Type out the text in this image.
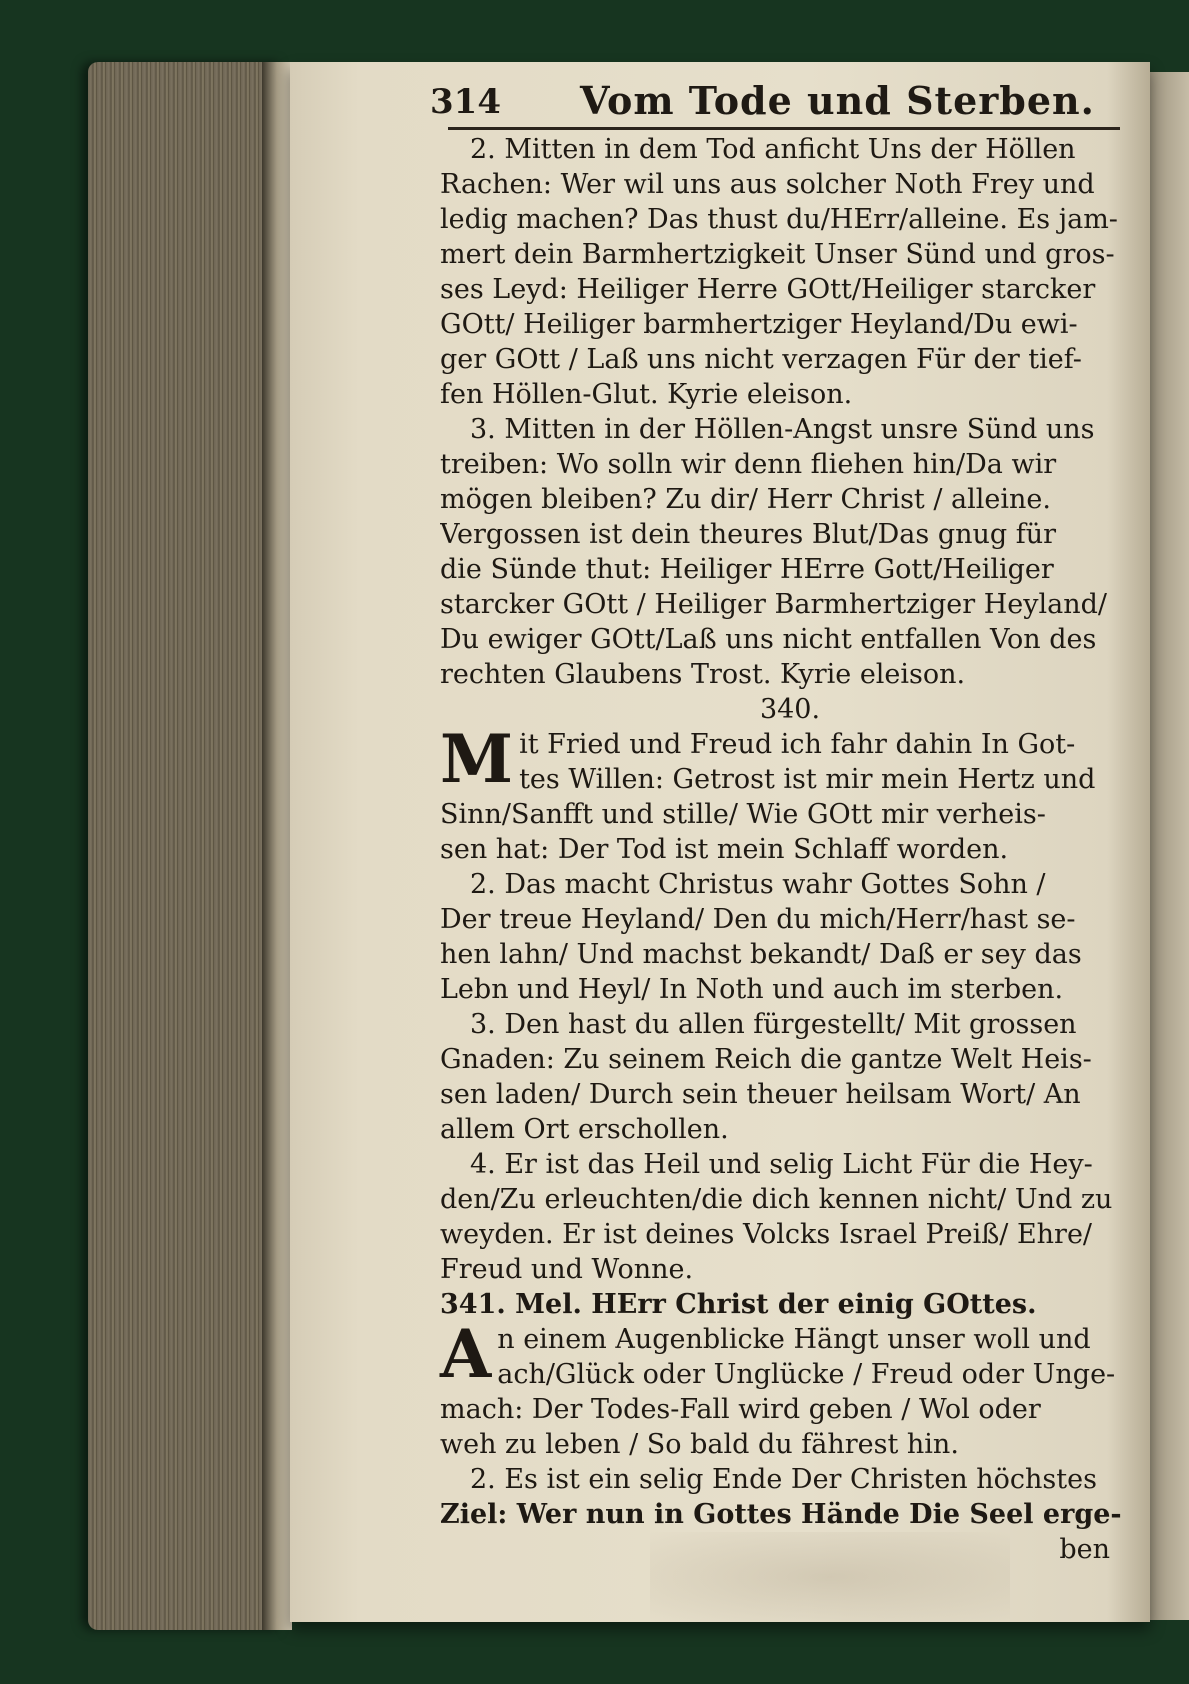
314 Vom Tode und Sterben.
2. Mitten in dem Tod anficht Uns der Höllen
Rachen: Wer wil uns aus solcher Noth Frey und
ledig machen? Das thust du/HErr/alleine. Es jam-
mert dein Barmhertzigkeit Unser Sünd und gros-
ses Leyd: Heiliger Herre GOtt/Heiliger starcker
GOtt/ Heiliger barmhertziger Heyland/Du ewi-
ger GOtt / Laß uns nicht verzagen Für der tief-
fen Höllen-Glut. Kyrie eleison.
3. Mitten in der Höllen-Angst unsre Sünd uns
treiben: Wo solln wir denn fliehen hin/Da wir
mögen bleiben? Zu dir/ Herr Christ / alleine.
Vergossen ist dein theures Blut/Das gnug für
die Sünde thut: Heiliger HErre Gott/Heiliger
starcker GOtt / Heiliger Barmhertziger Heyland/
Du ewiger GOtt/Laß uns nicht entfallen Von des
rechten Glaubens Trost. Kyrie eleison.
340.
M it Fried und Freud ich fahr dahin In Got-
tes Willen: Getrost ist mir mein Hertz und
Sinn/Sanfft und stille/ Wie GOtt mir verheis-
sen hat: Der Tod ist mein Schlaff worden.
2. Das macht Christus wahr Gottes Sohn /
Der treue Heyland/ Den du mich/Herr/hast se-
hen lahn/ Und machst bekandt/ Daß er sey das
Lebn und Heyl/ In Noth und auch im sterben.
3. Den hast du allen fürgestellt/ Mit grossen
Gnaden: Zu seinem Reich die gantze Welt Heis-
sen laden/ Durch sein theuer heilsam Wort/ An
allem Ort erschollen.
4. Er ist das Heil und selig Licht Für die Hey-
den/Zu erleuchten/die dich kennen nicht/ Und zu
weyden. Er ist deines Volcks Israel Preiß/ Ehre/
Freud und Wonne.
341. Mel. HErr Christ der einig GOttes.
A n einem Augenblicke Hängt unser woll und
ach/Glück oder Unglücke / Freud oder Unge-
mach: Der Todes-Fall wird geben / Wol oder
weh zu leben / So bald du fährest hin.
2. Es ist ein selig Ende Der Christen höchstes
Ziel: Wer nun in Gottes Hände Die Seel erge-
ben
